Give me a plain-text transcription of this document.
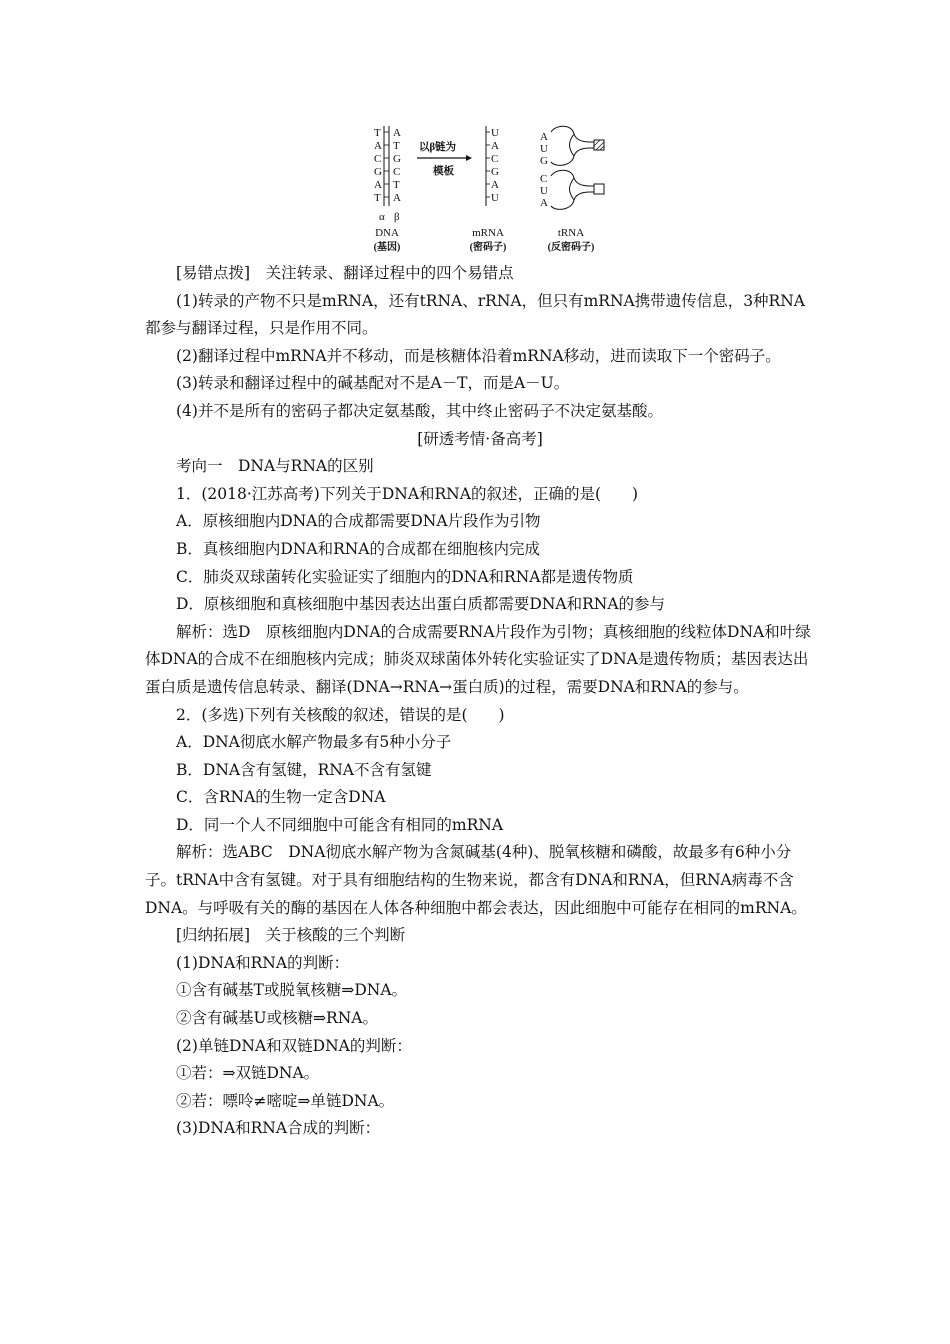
T
A
C
G
A
T
A
T
G
C
T
A
α β
以β链为
模板
U
A
C
G
A
U
A
U
G
C
U
A
DNA
(基因)
mRNA
(密码子)
tRNA
(反密码子)

[易错点拨]　关注转录、翻译过程中的四个易错点

(1)转录的产物不只是mRNA，还有tRNA、rRNA，但只有mRNA携带遗传信息，3种RNA都参与翻译过程，只是作用不同。

(2)翻译过程中mRNA并不移动，而是核糖体沿着mRNA移动，进而读取下一个密码子。

(3)转录和翻译过程中的碱基配对不是A－T，而是A－U。

(4)并不是所有的密码子都决定氨基酸，其中终止密码子不决定氨基酸。

[研透考情·备高考]

考向一　DNA与RNA的区别

1．(2018·江苏高考)下列关于DNA和RNA的叙述，正确的是(　　)

A．原核细胞内DNA的合成都需要DNA片段作为引物

B．真核细胞内DNA和RNA的合成都在细胞核内完成

C．肺炎双球菌转化实验证实了细胞内的DNA和RNA都是遗传物质

D．原核细胞和真核细胞中基因表达出蛋白质都需要DNA和RNA的参与

解析：选D　原核细胞内DNA的合成需要RNA片段作为引物；真核细胞的线粒体DNA和叶绿体DNA的合成不在细胞核内完成；肺炎双球菌体外转化实验证实了DNA是遗传物质；基因表达出蛋白质是遗传信息转录、翻译(DNA→RNA→蛋白质)的过程，需要DNA和RNA的参与。

2．(多选)下列有关核酸的叙述，错误的是(　　)

A．DNA彻底水解产物最多有5种小分子

B．DNA含有氢键，RNA不含有氢键

C．含RNA的生物一定含DNA

D．同一个人不同细胞中可能含有相同的mRNA

解析：选ABC　DNA彻底水解产物为含氮碱基(4种)、脱氧核糖和磷酸，故最多有6种小分子。tRNA中含有氢键。对于具有细胞结构的生物来说，都含有DNA和RNA，但RNA病毒不含DNA。与呼吸有关的酶的基因在人体各种细胞中都会表达，因此细胞中可能存在相同的mRNA。

[归纳拓展]　关于核酸的三个判断

(1)DNA和RNA的判断：

①含有碱基T或脱氧核糖⇒DNA。

②含有碱基U或核糖⇒RNA。

(2)单链DNA和双链DNA的判断：

①若：⇒双链DNA。

②若：嘌呤≠嘧啶⇒单链DNA。

(3)DNA和RNA合成的判断：
